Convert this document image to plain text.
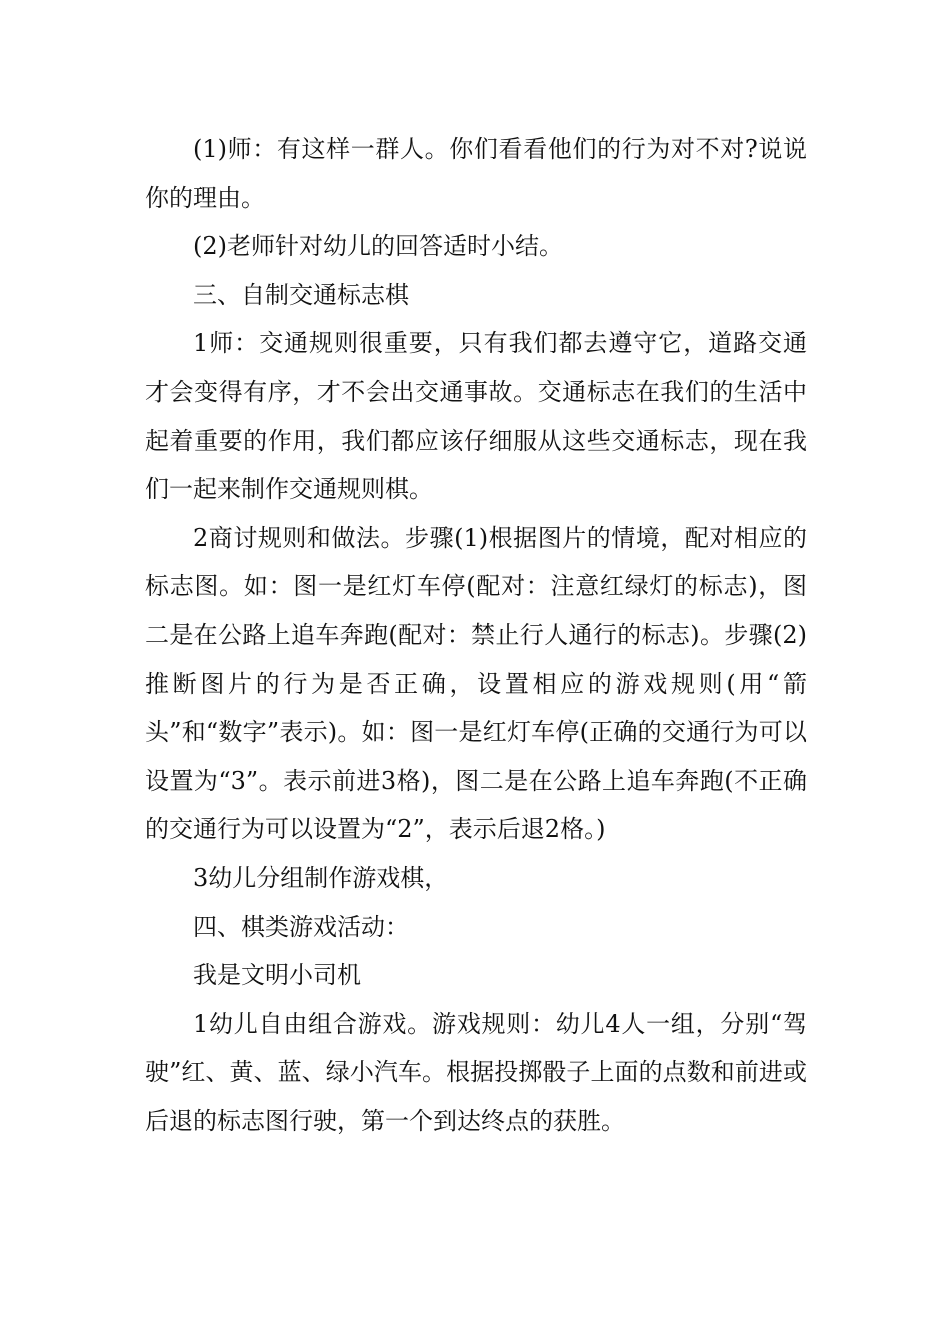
(1)师：有这样一群人。你们看看他们的行为对不对?说说你的理由。

(2)老师针对幼儿的回答适时小结。

三、自制交通标志棋

1师：交通规则很重要，只有我们都去遵守它，道路交通才会变得有序，才不会出交通事故。交通标志在我们的生活中起着重要的作用，我们都应该仔细服从这些交通标志，现在我们一起来制作交通规则棋。

2商讨规则和做法。步骤(1)根据图片的情境，配对相应的标志图。如：图一是红灯车停(配对：注意红绿灯的标志)，图二是在公路上追车奔跑(配对：禁止行人通行的标志)。步骤(2)推断图片的行为是否正确，设置相应的游戏规则(用“箭头”和“数字”表示)。如：图一是红灯车停(正确的交通行为可以设置为“3”。表示前进3格)，图二是在公路上追车奔跑(不正确的交通行为可以设置为“2”，表示后退2格。)

3幼儿分组制作游戏棋，

四、棋类游戏活动：

我是文明小司机

1幼儿自由组合游戏。游戏规则：幼儿4人一组，分别“驾驶”红、黄、蓝、绿小汽车。根据投掷骰子上面的点数和前进或后退的标志图行驶，第一个到达终点的获胜。
